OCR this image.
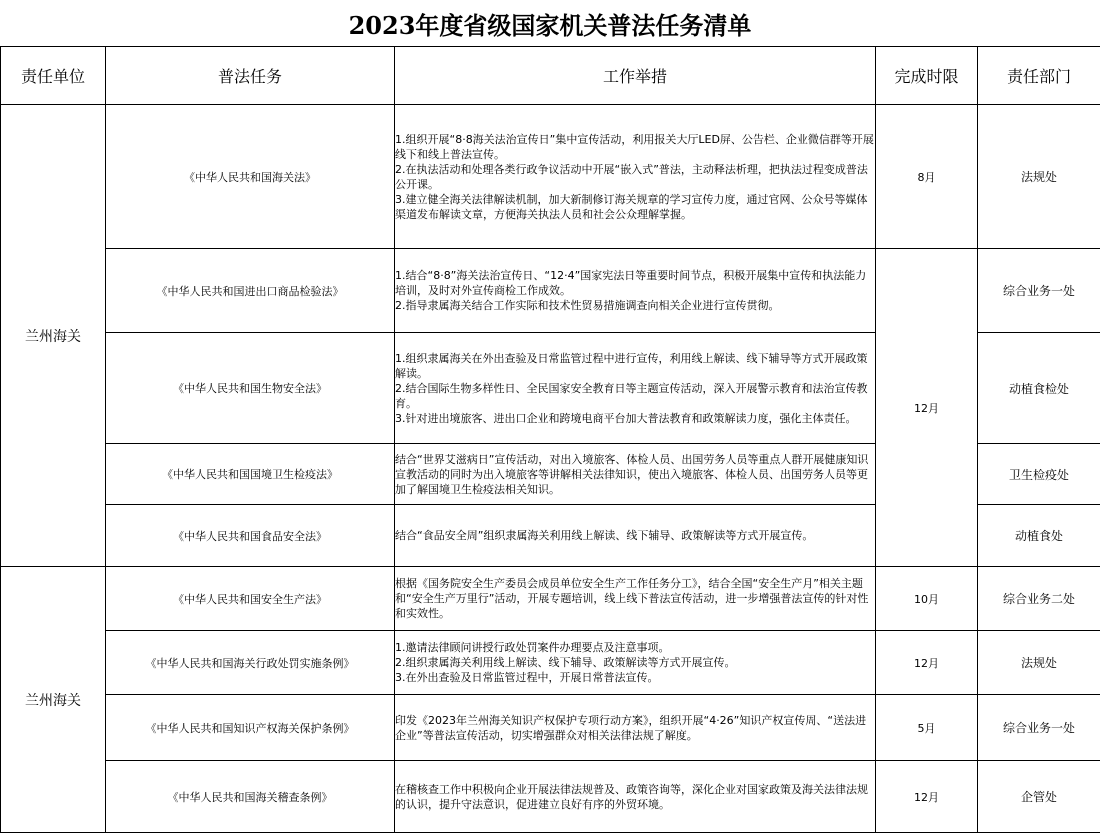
2023年度省级国家机关普法任务清单
责任单位	普法任务	工作举措	完成时限	责任部门
兰州海关	《中华人民共和国海关法》	1.组织开展“8·8海关法治宣传日”集中宣传活动，利用报关大厅LED屏、公告栏、企业微信群等开展线下和线上普法宣传。
2.在执法活动和处理各类行政争议活动中开展“嵌入式”普法，主动释法析理，把执法过程变成普法公开课。
3.建立健全海关法律解读机制，加大新制修订海关规章的学习宣传力度，通过官网、公众号等媒体渠道发布解读文章，方便海关执法人员和社会公众理解掌握。	8月	法规处
	《中华人民共和国进出口商品检验法》	1.结合“8·8”海关法治宣传日、“12·4”国家宪法日等重要时间节点，积极开展集中宣传和执法能力培训，及时对外宣传商检工作成效。
2.指导隶属海关结合工作实际和技术性贸易措施调查向相关企业进行宣传贯彻。	12月	综合业务一处
	《中华人民共和国生物安全法》	1.组织隶属海关在外出查验及日常监管过程中进行宣传，利用线上解读、线下辅导等方式开展政策解读。
2.结合国际生物多样性日、全民国家安全教育日等主题宣传活动，深入开展警示教育和法治宣传教育。
3.针对进出境旅客、进出口企业和跨境电商平台加大普法教育和政策解读力度，强化主体责任。		动植食检处
	《中华人民共和国国境卫生检疫法》	结合“世界艾滋病日”宣传活动，对出入境旅客、体检人员、出国劳务人员等重点人群开展健康知识宣教活动的同时为出入境旅客等讲解相关法律知识，使出入境旅客、体检人员、出国劳务人员等更加了解国境卫生检疫法相关知识。		卫生检疫处
	《中华人民共和国食品安全法》	结合“食品安全周”组织隶属海关利用线上解读、线下辅导、政策解读等方式开展宣传。		动植食处
兰州海关	《中华人民共和国安全生产法》	根据《国务院安全生产委员会成员单位安全生产工作任务分工》，结合全国“安全生产月”相关主题和“安全生产万里行”活动，开展专题培训，线上线下普法宣传活动，进一步增强普法宣传的针对性和实效性。	10月	综合业务二处
	《中华人民共和国海关行政处罚实施条例》	1.邀请法律顾问讲授行政处罚案件办理要点及注意事项。
2.组织隶属海关利用线上解读、线下辅导、政策解读等方式开展宣传。
3.在外出查验及日常监管过程中，开展日常普法宣传。	12月	法规处
	《中华人民共和国知识产权海关保护条例》	印发《2023年兰州海关知识产权保护专项行动方案》，组织开展“4·26”知识产权宣传周、“送法进企业”等普法宣传活动，切实增强群众对相关法律法规了解度。	5月	综合业务一处
	《中华人民共和国海关稽查条例》	在稽核查工作中积极向企业开展法律法规普及、政策咨询等，深化企业对国家政策及海关法律法规的认识，提升守法意识，促进建立良好有序的外贸环境。	12月	企管处
